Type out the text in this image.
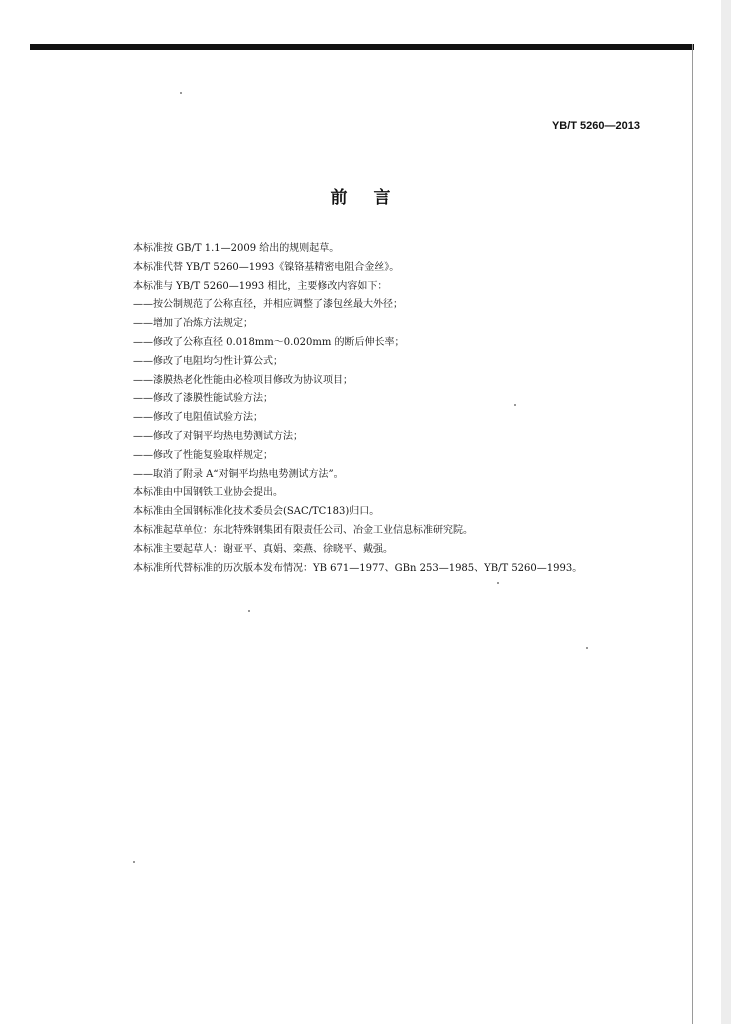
YB/T 5260—2013
前言

本标准按 GB/T 1.1—2009 给出的规则起草。

本标准代替 YB/T 5260—1993《镍铬基精密电阻合金丝》。

本标准与 YB/T 5260—1993 相比，主要修改内容如下：

——按公制规范了公称直径，并相应调整了漆包丝最大外径；

——增加了冶炼方法规定；

——修改了公称直径 0.018mm～0.020mm 的断后伸长率；

——修改了电阻均匀性计算公式；

——漆膜热老化性能由必检项目修改为协议项目；

——修改了漆膜性能试验方法；

——修改了电阻值试验方法；

——修改了对铜平均热电势测试方法；

——修改了性能复验取样规定；

——取消了附录 A“对铜平均热电势测试方法”。

本标准由中国钢铁工业协会提出。

本标准由全国钢标准化技术委员会(SAC/TC183)归口。

本标准起草单位：东北特殊钢集团有限责任公司、冶金工业信息标准研究院。

本标准主要起草人：谢亚平、真娟、栾燕、徐晓平、戴强。

本标准所代替标准的历次版本发布情况：YB 671—1977、GBn 253—1985、YB/T 5260—1993。
